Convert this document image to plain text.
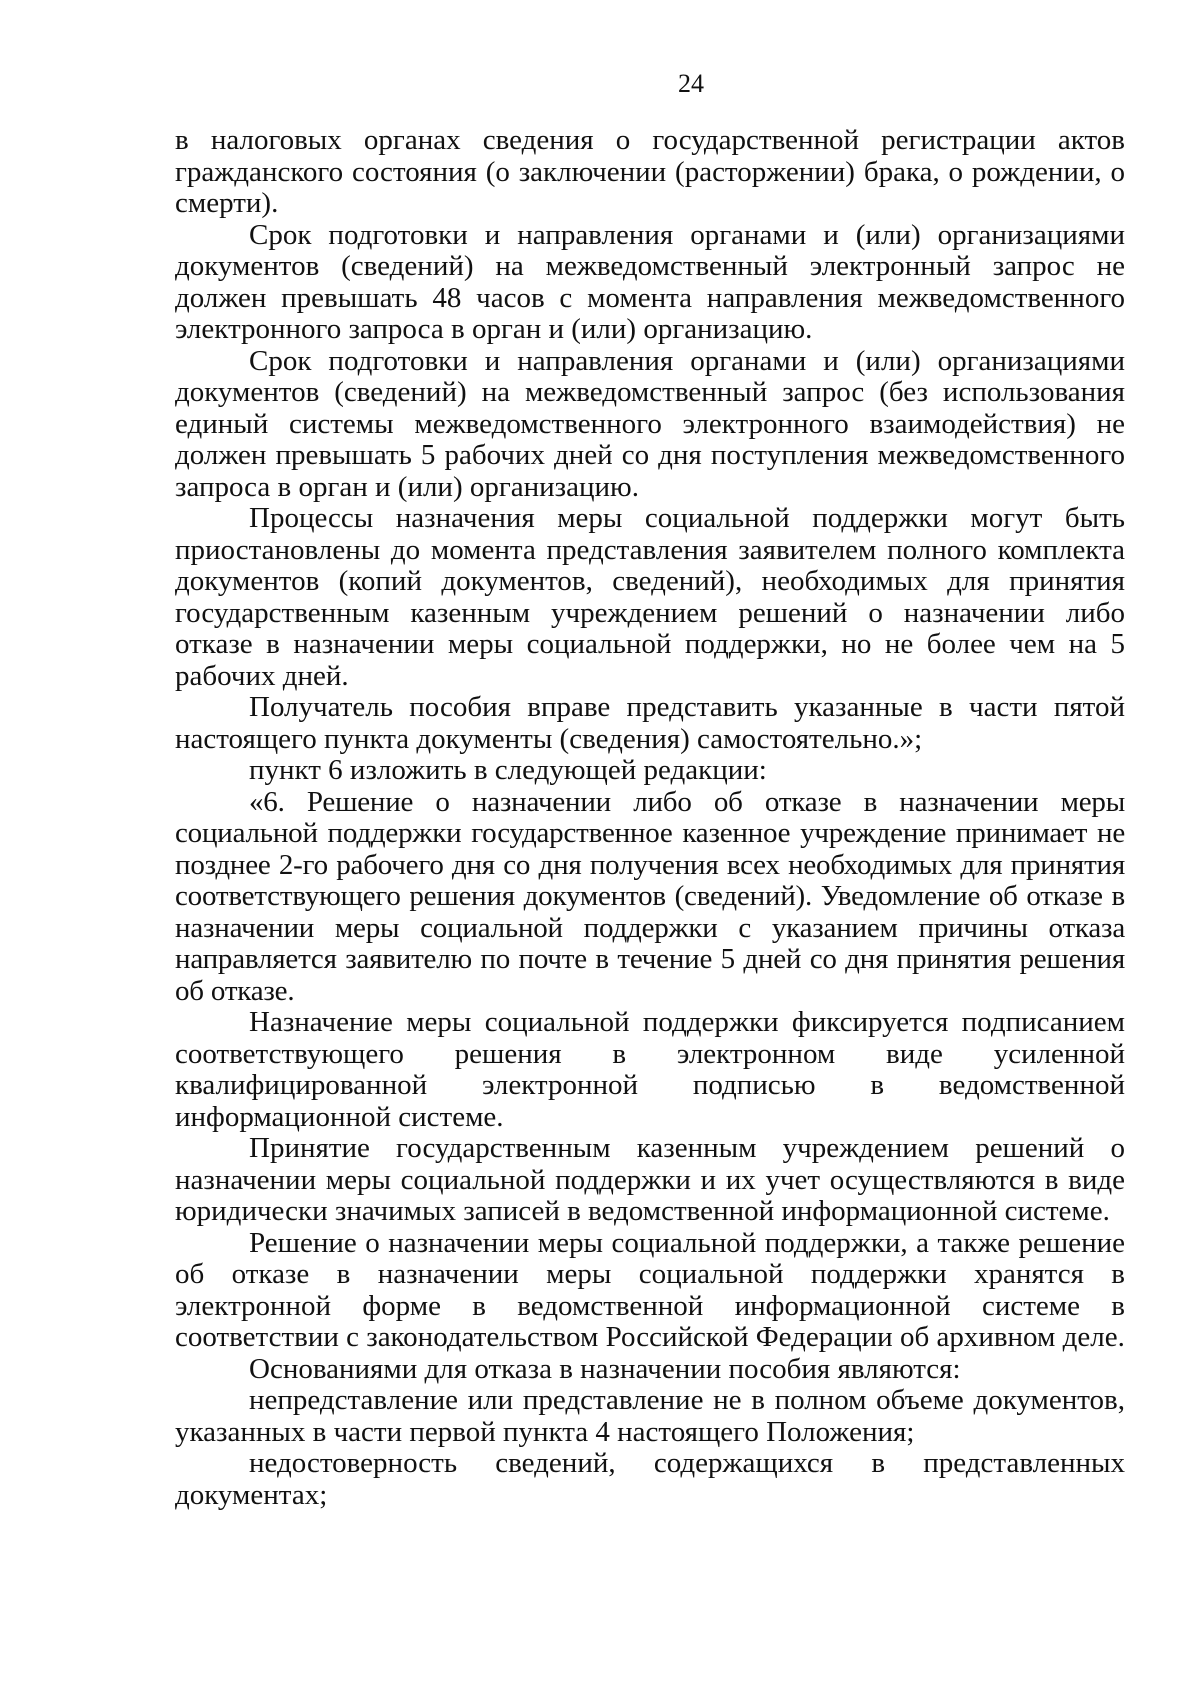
24

в налоговых органах сведения о государственной регистрации актов гражданского состояния (о заключении (расторжении) брака, о рождении, о смерти).

Срок подготовки и направления органами и (или) организациями документов (сведений) на межведомственный электронный запрос не должен превышать 48 часов с момента направления межведомственного электронного запроса в орган и (или) организацию.

Срок подготовки и направления органами и (или) организациями документов (сведений) на межведомственный запрос (без использования единый системы межведомственного электронного взаимодействия) не должен превышать 5 рабочих дней со дня поступления межведомственного запроса в орган и (или) организацию.

Процессы назначения меры социальной поддержки могут быть приостановлены до момента представления заявителем полного комплекта документов (копий документов, сведений), необходимых для принятия государственным казенным учреждением решений о назначении либо отказе в назначении меры социальной поддержки, но не более чем на 5 рабочих дней.

Получатель пособия вправе представить указанные в части пятой настоящего пункта документы (сведения) самостоятельно.»;

пункт 6 изложить в следующей редакции:

«6. Решение о назначении либо об отказе в назначении меры социальной поддержки государственное казенное учреждение принимает не позднее 2-го рабочего дня со дня получения всех необходимых для принятия соответствующего решения документов (сведений). Уведомление об отказе в назначении меры социальной поддержки с указанием причины отказа направляется заявителю по почте в течение 5 дней со дня принятия решения об отказе.

Назначение меры социальной поддержки фиксируется подписанием соответствующего решения в электронном виде усиленной квалифицированной электронной подписью в ведомственной информационной системе.

Принятие государственным казенным учреждением решений о назначении меры социальной поддержки и их учет осуществляются в виде юридически значимых записей в ведомственной информационной системе.

Решение о назначении меры социальной поддержки, а также решение об отказе в назначении меры социальной поддержки хранятся в электронной форме в ведомственной информационной системе в соответствии с законодательством Российской Федерации об архивном деле.

Основаниями для отказа в назначении пособия являются:

непредставление или представление не в полном объеме документов, указанных в части первой пункта 4 настоящего Положения;

недостоверность сведений, содержащихся в представленных документах;
